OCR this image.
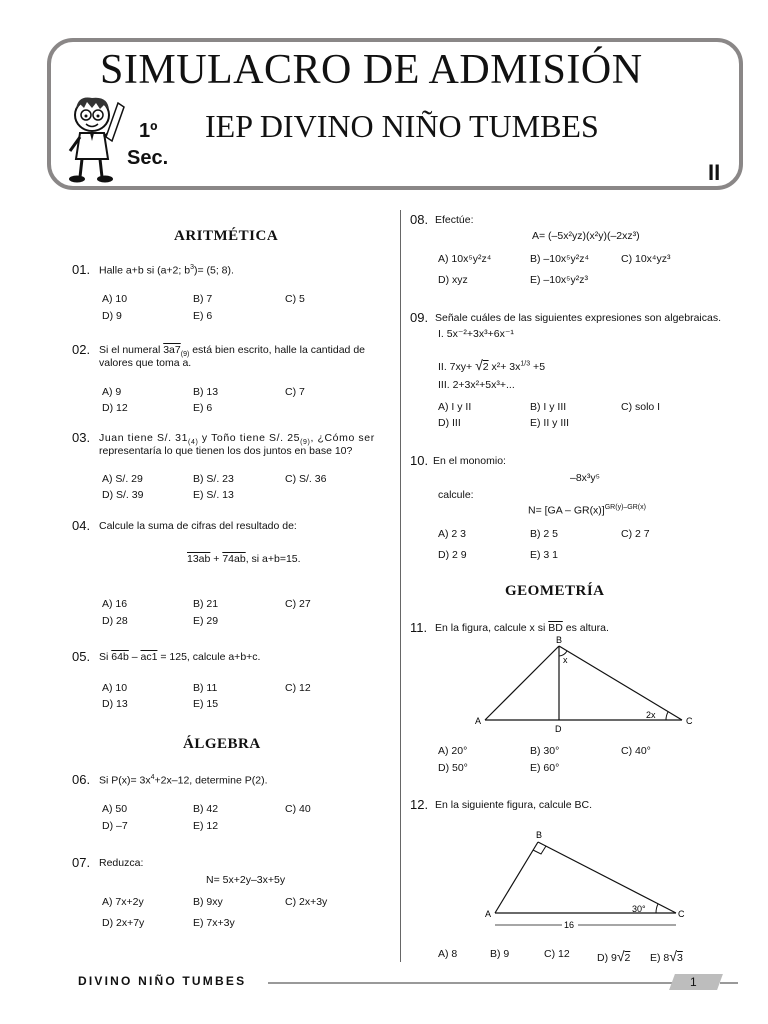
SIMULACRO DE ADMISIÓN
IEP DIVINO NIÑO TUMBES
1º
Sec.
II
ARITMÉTICA
01. Halle a+b si (a+2; $b^3)= (5$; 8).
A) 10	B) 7	C) 5
D) 9	E) 6
02. Si el numeral $3a7_{(9)}$ está bien escrito, halle la cantidad de
valores que toma a.
A) 9	B) 13	C) 7
D) 12	E) 6
03. Juan tiene S/. $31_{(4)}$ y Toño tiene S/. $25_{(9)}$, ¿Cómo ser
representaría lo que tienen los dos juntos en base 10?
A) S/. 29	B) S/. 23	C) S/. 36
D) S/. 39	E) S/. 13
04. Calcule la suma de cifras del resultado de:
13ab + 74ab, si a+b=15.
A) 16	B) 21	C) 27
D) 28	E) 29
05. Si 64b – ac1 = 125, calcule a+b+c.
A) 10	B) 11	C) 12
D) 13	E) 15
ÁLGEBRA
06. Si $P(x)= 3x^4+2x-12$, determine P(2).
A) 50	B) 42	C) 40
D) –7	E) 12
07. Reduzca:
N= 5x+2y–3x+5y
A) 7x+2y	B) 9xy	C) 2x+3y
D) 2x+7y	E) 7x+3y
08. Efectúe:
A= (–5x²yz)(x²y)(–2xz³)
A) 10x⁵y²z⁴	B) –10x⁵y²z⁴	C) 10x⁴yz³
D) xyz	E) –10x⁵y²z³
09. Señale cuáles de las siguientes expresiones son algebraicas.
I. 5x⁻²+3x³+6x⁻¹
II. 7xy+ √2 $x^2+ 3x^{1/3} +5$
III. 2+3x²+5x³+...
A) I y II	B) I y III	C) solo I
D) III	E) II y III
10. En el monomio:
–8x³y⁵
calcule:
N= [GA – GR(x)]$^{GR(y)-GR(x)}$
A) 2 3	B) 2 5	C) 2 7
D) 2 9	E) 3 1
GEOMETRÍA
11. En la figura, calcule x si $\overline{BD}$ es altura.
B
A	C
D
x
2x
A) 20°	B) 30°	C) 40°
D) 50°	E) 60°
12. En la siguiente figura, calcule BC.
B
A	C
30°
16
A) 8	B) 9	C) 12	D) 9√2 E) 8√3
DIVINO NIÑO TUMBES	1
